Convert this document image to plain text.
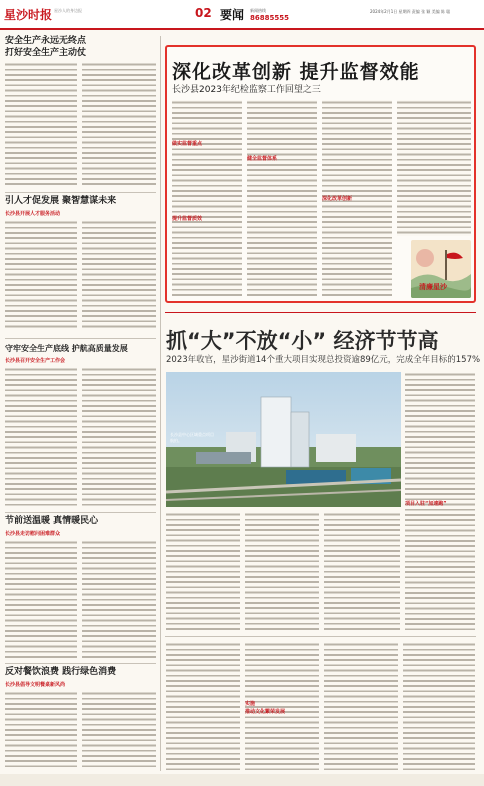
星沙时报 星沙人的身边报	02 要闻 新闻热线
86885555
2024年2月1日 星期四 责编 张 颖 美编 陈 聪
安全生产永远无终点
打好安全生产主动仗
引人才促发展 聚智慧谋未来
长沙县开展人才服务活动
守牢安全生产底线 护航高质量发展
长沙县召开安全生产工作会
节前送温暖 真情暖民心
长沙县走访慰问困难群众
反对餐饮浪费 践行绿色消费
长沙县倡导文明餐桌新风尚
深化改革创新 提升监督效能
长沙县2023年纪检监察工作回望之三
做实监督重点
提升监督质效
健全监督体系
深化改革创新
清廉星沙
抓“大”不放“小” 经济节节高
2023年收官，星沙街道14个重大项目实现总投资逾89亿元，完成全年目标的157%
长沙县中心区域重点项目航拍。
项目入驻“加速跑”
实施
推动文化繁荣发展
